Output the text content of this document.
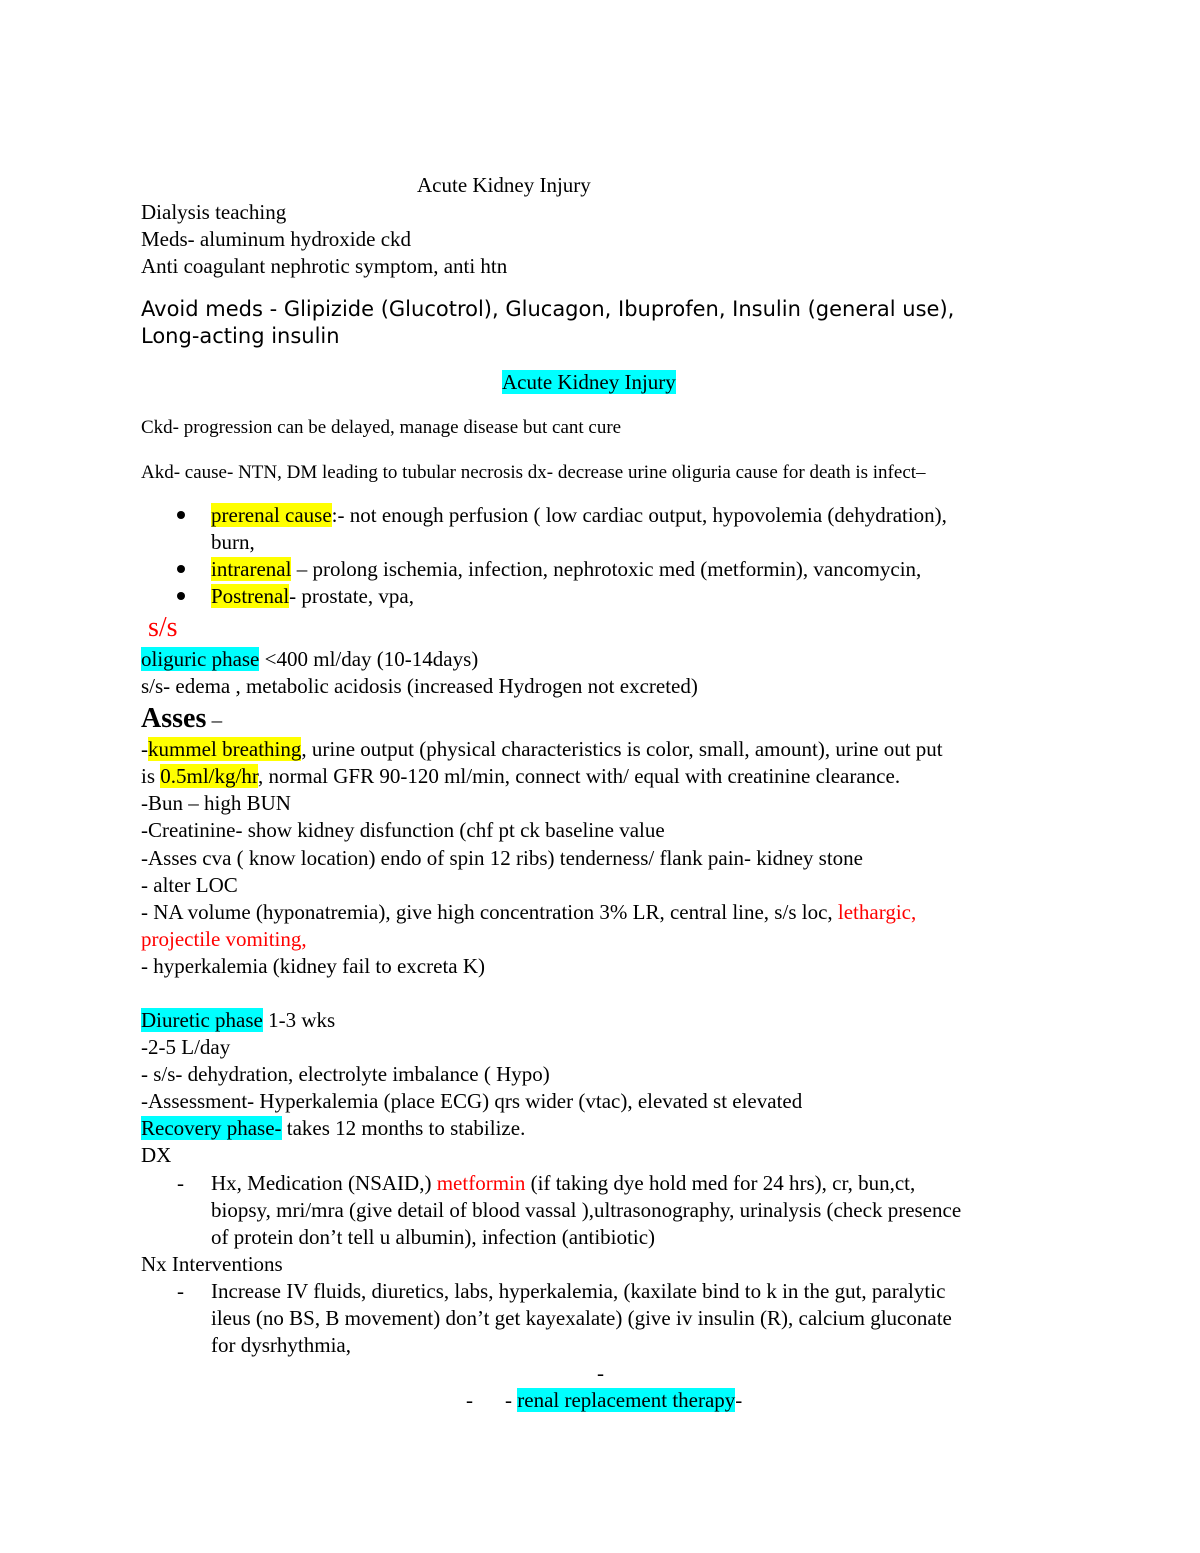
Acute Kidney Injury
Dialysis teaching
Meds- aluminum hydroxide ckd
Anti coagulant nephrotic symptom, anti htn
Avoid meds - Glipizide (Glucotrol), Glucagon, Ibuprofen, Insulin (general use),
Long-acting insulin
Acute Kidney Injury
Ckd- progression can be delayed, manage disease but cant cure
Akd- cause- NTN, DM leading to tubular necrosis dx- decrease urine oliguria cause for death is infect–
prerenal cause:- not enough perfusion ( low cardiac output, hypovolemia (dehydration),
burn,
intrarenal – prolong ischemia, infection, nephrotoxic med (metformin), vancomycin,
Postrenal- prostate, vpa,
s/s
oliguric phase <400 ml/day (10-14days)
s/s- edema , metabolic acidosis (increased Hydrogen not excreted)
Asses –
-kummel breathing, urine output (physical characteristics is color, small, amount), urine out put
is 0.5ml/kg/hr, normal GFR 90-120 ml/min, connect with/ equal with creatinine clearance.
-Bun – high BUN
-Creatinine- show kidney disfunction (chf pt ck baseline value
-Asses cva ( know location) endo of spin 12 ribs) tenderness/ flank pain- kidney stone
- alter LOC
- NA volume (hyponatremia), give high concentration 3% LR, central line, s/s loc, lethargic,
projectile vomiting,
- hyperkalemia (kidney fail to excreta K)
Diuretic phase 1-3 wks
-2-5 L/day
- s/s- dehydration, electrolyte imbalance ( Hypo)
-Assessment- Hyperkalemia (place ECG) qrs wider (vtac), elevated st elevated
Recovery phase- takes 12 months to stabilize.
DX
- Hx, Medication (NSAID,) metformin (if taking dye hold med for 24 hrs), cr, bun,ct,
biopsy, mri/mra (give detail of blood vassal ),ultrasonography, urinalysis (check presence
of protein don’t tell u albumin), infection (antibiotic)
Nx Interventions
- Increase IV fluids, diuretics, labs, hyperkalemia, (kaxilate bind to k in the gut, paralytic
ileus (no BS, B movement) don’t get kayexalate) (give iv insulin (R), calcium gluconate
for dysrhythmia,
-
- - renal replacement therapy-
